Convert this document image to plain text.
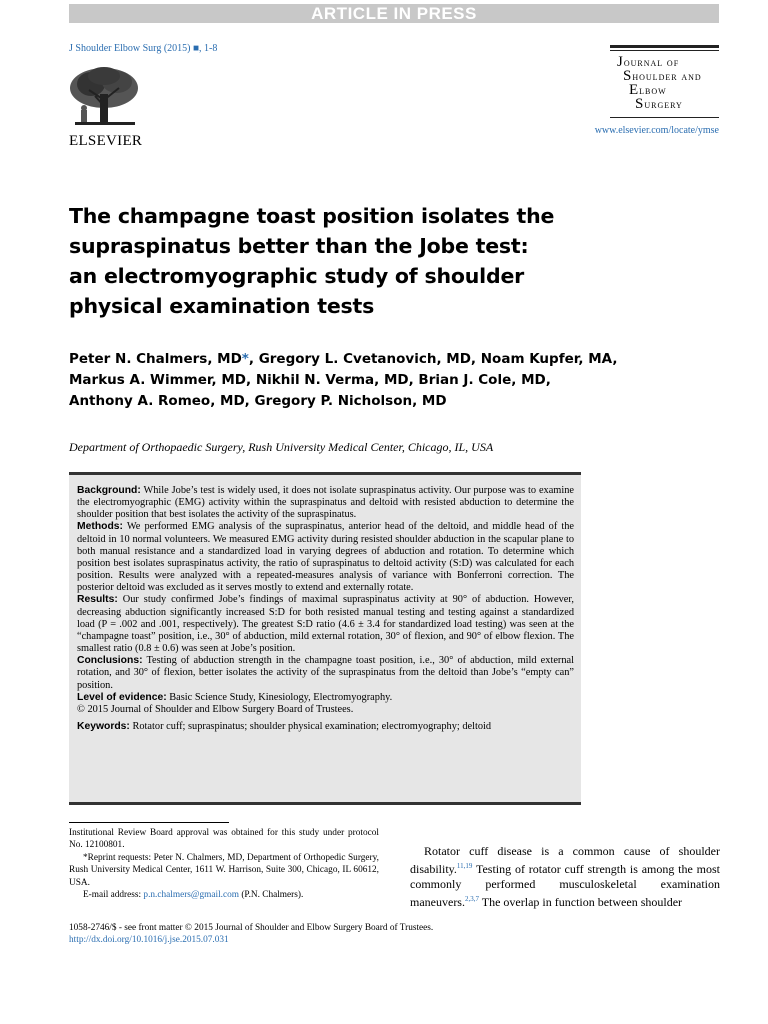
ARTICLE IN PRESS
J Shoulder Elbow Surg (2015) ■, 1-8
ELSEVIER
Journal of
Shoulder and
Elbow
Surgery
www.elsevier.com/locate/ymse
The champagne toast position isolates the
supraspinatus better than the Jobe test:
an electromyographic study of shoulder
physical examination tests
Peter N. Chalmers, MD*, Gregory L. Cvetanovich, MD, Noam Kupfer, MA,
Markus A. Wimmer, MD, Nikhil N. Verma, MD, Brian J. Cole, MD,
Anthony A. Romeo, MD, Gregory P. Nicholson, MD
Department of Orthopaedic Surgery, Rush University Medical Center, Chicago, IL, USA

Background: While Jobe’s test is widely used, it does not isolate supraspinatus activity. Our purpose was to examine the electromyographic (EMG) activity within the supraspinatus and deltoid with resisted abduction to determine the shoulder position that best isolates the activity of the supraspinatus.

Methods: We performed EMG analysis of the supraspinatus, anterior head of the deltoid, and middle head of the deltoid in 10 normal volunteers. We measured EMG activity during resisted shoulder abduction in the scapular plane to both manual resistance and a standardized load in varying degrees of abduction and rotation. To determine which position best isolates supraspinatus activity, the ratio of supraspinatus to deltoid activity (S:D) was calculated for each position. Results were analyzed with a repeated-measures analysis of variance with Bonferroni correction. The posterior deltoid was excluded as it serves mostly to extend and externally rotate.

Results: Our study confirmed Jobe’s findings of maximal supraspinatus activity at 90° of abduction. However, decreasing abduction significantly increased S:D for both resisted manual testing and testing against a standardized load (P = .002 and .001, respectively). The greatest S:D ratio (4.6 ± 3.4 for standardized load testing) was seen at the “champagne toast” position, i.e., 30° of abduction, mild external rotation, 30° of flexion, and 90° of elbow flexion. The smallest ratio (0.8 ± 0.6) was seen at Jobe’s position.

Conclusions: Testing of abduction strength in the champagne toast position, i.e., 30° of abduction, mild external rotation, and 30° of flexion, better isolates the activity of the supraspinatus from the deltoid than Jobe’s “empty can” position.

Level of evidence: Basic Science Study, Kinesiology, Electromyography.

© 2015 Journal of Shoulder and Elbow Surgery Board of Trustees.

Keywords: Rotator cuff; supraspinatus; shoulder physical examination; electromyography; deltoid

Institutional Review Board approval was obtained for this study under protocol No. 12100801.

*Reprint requests: Peter N. Chalmers, MD, Department of Orthopedic Surgery, Rush University Medical Center, 1611 W. Harrison, Suite 300, Chicago, IL 60612, USA.

E-mail address: p.n.chalmers@gmail.com (P.N. Chalmers).

Rotator cuff disease is a common cause of shoulder disability.$^{11,19}$ Testing of rotator cuff strength is among the most commonly performed musculoskeletal examination maneuvers.$^{2,3,7}$ The overlap in function between shoulder

1058-2746/$ - see front matter © 2015 Journal of Shoulder and Elbow Surgery Board of Trustees.
http://dx.doi.org/10.1016/j.jse.2015.07.031
